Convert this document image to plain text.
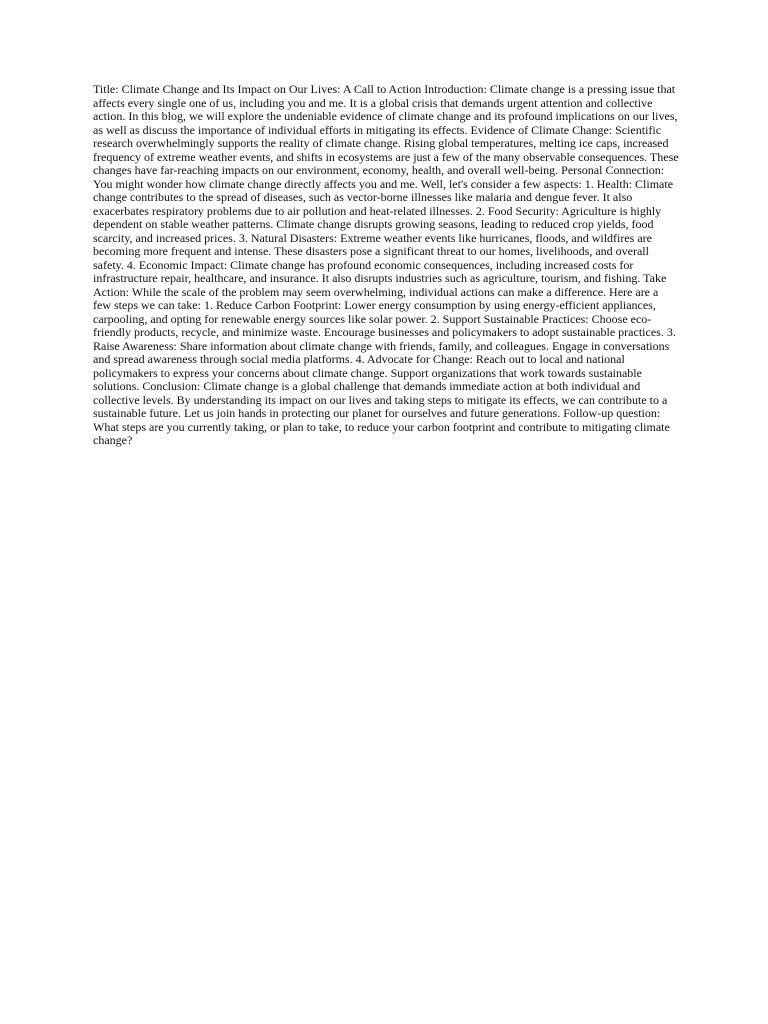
Title: Climate Change and Its Impact on Our Lives: A Call to Action Introduction: Climate change is a pressing issue that affects every single one of us, including you and me. It is a global crisis that demands urgent attention and collective action. In this blog, we will explore the undeniable evidence of climate change and its profound implications on our lives, as well as discuss the importance of individual efforts in mitigating its effects. Evidence of Climate Change: Scientific research overwhelmingly supports the reality of climate change. Rising global temperatures, melting ice caps, increased frequency of extreme weather events, and shifts in ecosystems are just a few of the many observable consequences. These changes have far-reaching impacts on our environment, economy, health, and overall well-being. Personal Connection: You might wonder how climate change directly affects you and me. Well, let's consider a few aspects: 1. Health: Climate change contributes to the spread of diseases, such as vector-borne illnesses like malaria and dengue fever. It also exacerbates respiratory problems due to air pollution and heat-related illnesses. 2. Food Security: Agriculture is highly dependent on stable weather patterns. Climate change disrupts growing seasons, leading to reduced crop yields, food scarcity, and increased prices. 3. Natural Disasters: Extreme weather events like hurricanes, floods, and wildfires are becoming more frequent and intense. These disasters pose a significant threat to our homes, livelihoods, and overall safety. 4. Economic Impact: Climate change has profound economic consequences, including increased costs for infrastructure repair, healthcare, and insurance. It also disrupts industries such as agriculture, tourism, and fishing. Take Action: While the scale of the problem may seem overwhelming, individual actions can make a difference. Here are a few steps we can take: 1. Reduce Carbon Footprint: Lower energy consumption by using energy-efficient appliances, carpooling, and opting for renewable energy sources like solar power. 2. Support Sustainable Practices: Choose eco-friendly products, recycle, and minimize waste. Encourage businesses and policymakers to adopt sustainable practices. 3. Raise Awareness: Share information about climate change with friends, family, and colleagues. Engage in conversations and spread awareness through social media platforms. 4. Advocate for Change: Reach out to local and national policymakers to express your concerns about climate change. Support organizations that work towards sustainable solutions. Conclusion: Climate change is a global challenge that demands immediate action at both individual and collective levels. By understanding its impact on our lives and taking steps to mitigate its effects, we can contribute to a sustainable future. Let us join hands in protecting our planet for ourselves and future generations. Follow-up question: What steps are you currently taking, or plan to take, to reduce your carbon footprint and contribute to mitigating climate change?
